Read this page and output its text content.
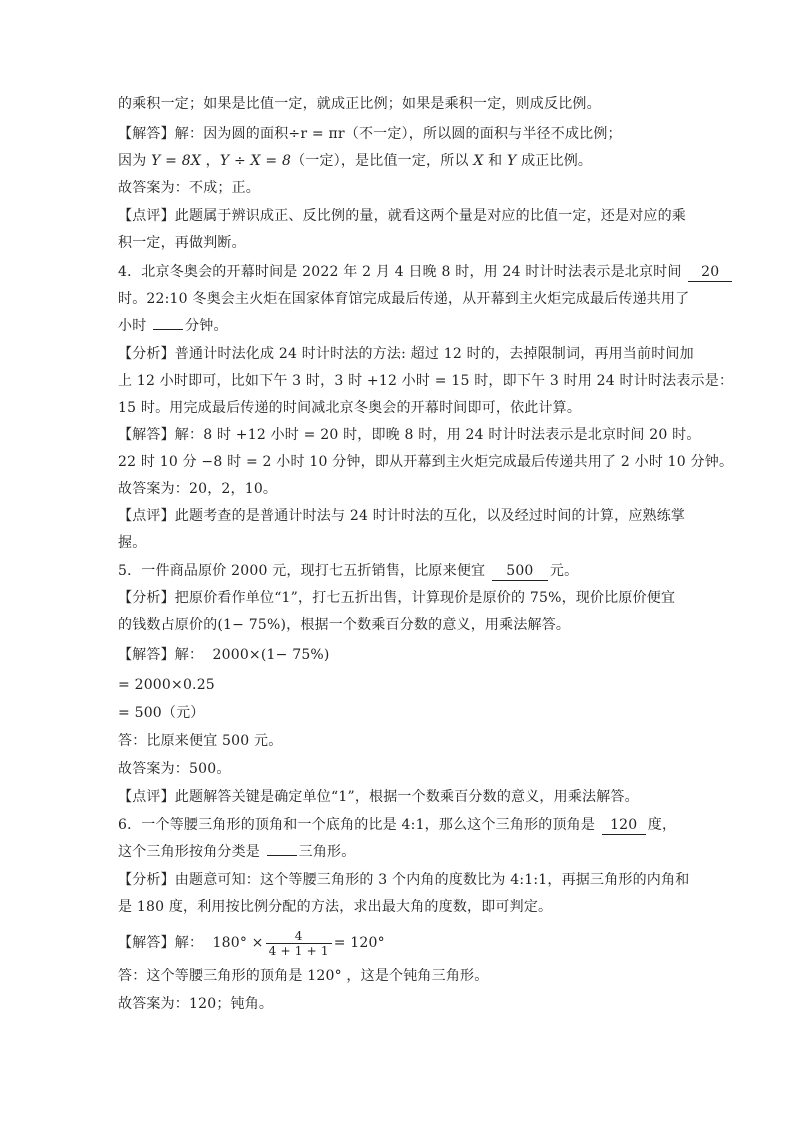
的乘积一定；如果是比值一定，就成正比例；如果是乘积一定，则成反比例。
【解答】解：因为圆的面积÷r = πr（不一定），所以圆的面积与半径不成比例；
因为 Y = 8X ，Y ÷ X = 8（一定），是比值一定，所以 X 和 Y 成正比例。
故答案为：不成；正。
【点评】此题属于辨识成正、反比例的量，就看这两个量是对应的比值一定，还是对应的乘
积一定，再做判断。
4．北京冬奥会的开幕时间是 2022 年 2 月 4 日晚 8 时，用 24 时计时法表示是北京时间 20
时。22:10 冬奥会主火炬在国家体育馆完成最后传递，从开幕到主火炬完成最后传递共用了
小时 分钟。
【分析】普通计时法化成 24 时计时法的方法: 超过 12 时的，去掉限制词，再用当前时间加
上 12 小时即可，比如下午 3 时，3 时 +12 小时 = 15 时，即下午 3 时用 24 时计时法表示是：
15 时。用完成最后传递的时间减北京冬奥会的开幕时间即可，依此计算。
【解答】解：8 时 +12 小时 = 20 时，即晚 8 时，用 24 时计时法表示是北京时间 20 时。
22 时 10 分 −8 时 = 2 小时 10 分钟，即从开幕到主火炬完成最后传递共用了 2 小时 10 分钟。
故答案为：20，2，10。
【点评】此题考查的是普通计时法与 24 时计时法的互化，以及经过时间的计算，应熟练掌
握。
5．一件商品原价 2000 元，现打七五折销售，比原来便宜 500 元。
【分析】把原价看作单位“1”，打七五折出售，计算现价是原价的 75%，现价比原价便宜
的钱数占原价的(1− 75%)，根据一个数乘百分数的意义，用乘法解答。
【解答】解：  2000×(1− 75%)
= 2000×0.25
= 500（元）
答：比原来便宜 500 元。
故答案为：500。
【点评】此题解答关键是确定单位“1”，根据一个数乘百分数的意义，用乘法解答。
6．一个等腰三角形的顶角和一个底角的比是 4:1，那么这个三角形的顶角是 120 度，
这个三角形按角分类是 三角形。
【分析】由题意可知：这个等腰三角形的 3 个内角的度数比为 4:1:1，再据三角形的内角和
是 180 度，利用按比例分配的方法，求出最大角的度数，即可判定。
【解答】解：  $180^\circ \times \frac{4}{4 + 1 + 1} = 120^\circ$
答：这个等腰三角形的顶角是 120° ，这是个钝角三角形。
故答案为：120；钝角。
